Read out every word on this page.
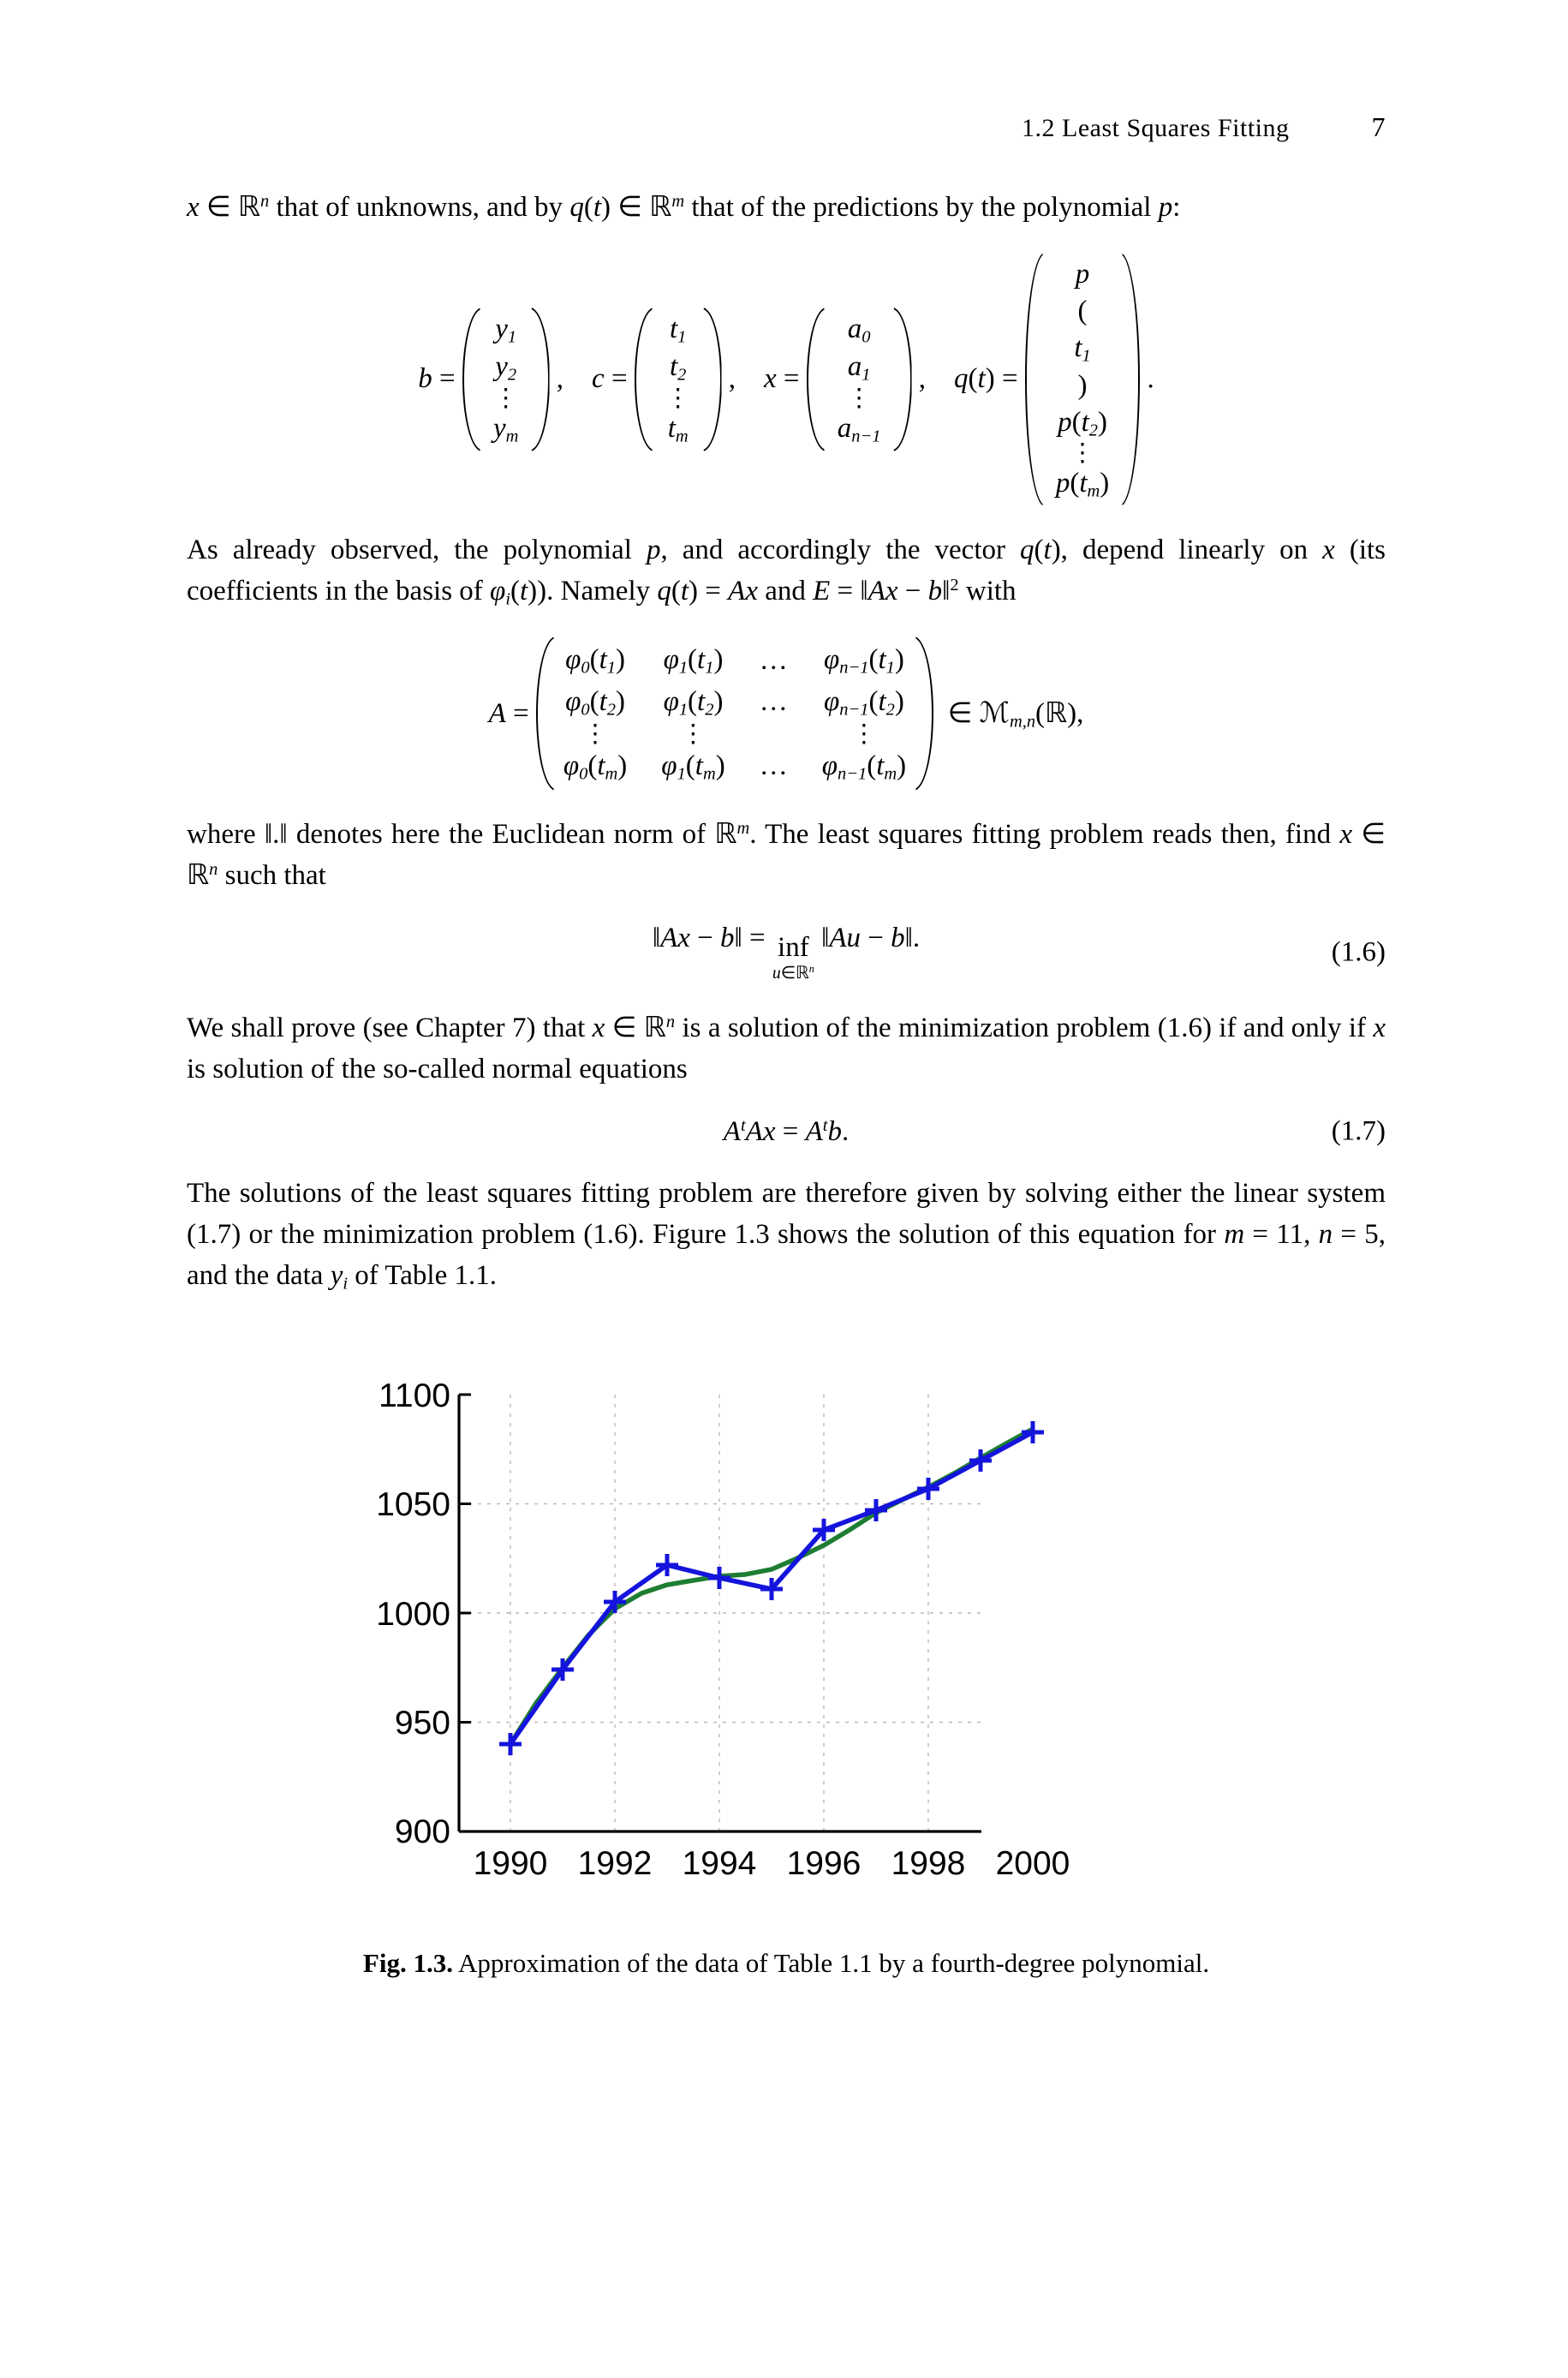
1.2 Least Squares Fitting	7

x ∈ ℝ$^n$ that of unknowns, and by q(t) ∈ ℝ$^m$ that of the predictions by the polynomial p:

b =
$y_1$
$y_2$
⋮
$y_m$
, c =
$t_1$
$t_2$
⋮
$t_m$
, x =
$a_0$
$a_1$
⋮
$a_{n-1}$
, q ( t ) =
p
(
$t_1$
)
$p(t_2)$
⋮
$p(t_m)$
.

As already observed, the polynomial p, and accordingly the vector q(t), depend linearly on x (its coefficients in the basis of $\varphi_i(t)$). Namely q(t) = Ax and E = ‖Ax − b‖$^2$ with

A =
$\varphi_0(t_1)$ $\varphi_1(t_1)$ … $\varphi_{n-1}(t_1)$
$\varphi_0(t_2)$ $\varphi_1(t_2)$ … $\varphi_{n-1}(t_2)$
⋮	⋮	⋮
$\varphi_0(t_m)$ $\varphi_1(t_m)$ … $\varphi_{n-1}(t_m)$
∈ ℳ$_{m,n}$(ℝ),

where ‖.‖ denotes here the Euclidean norm of ℝ$^m$. The least squares fitting problem reads then, find x ∈ ℝ$^n$ such that

‖Ax − b‖ = inf
u∈ℝ$^n$
‖Au − b‖.	(1.6)

We shall prove (see Chapter 7) that x ∈ ℝ$^n$ is a solution of the minimization problem (1.6) if and only if x is solution of the so-called normal equations

$A^tAx = A^tb$.	(1.7)

The solutions of the least squares fitting problem are therefore given by solving either the linear system (1.7) or the minimization problem (1.6). Figure 1.3 shows the solution of this equation for m = 11, n = 5, and the data $y_i$ of Table 1.1.

1100
1050
1000
950
900
1990 1992 1994 1996 1998 2000
Fig. 1.3. Approximation of the data of Table 1.1 by a fourth-degree polynomial.
